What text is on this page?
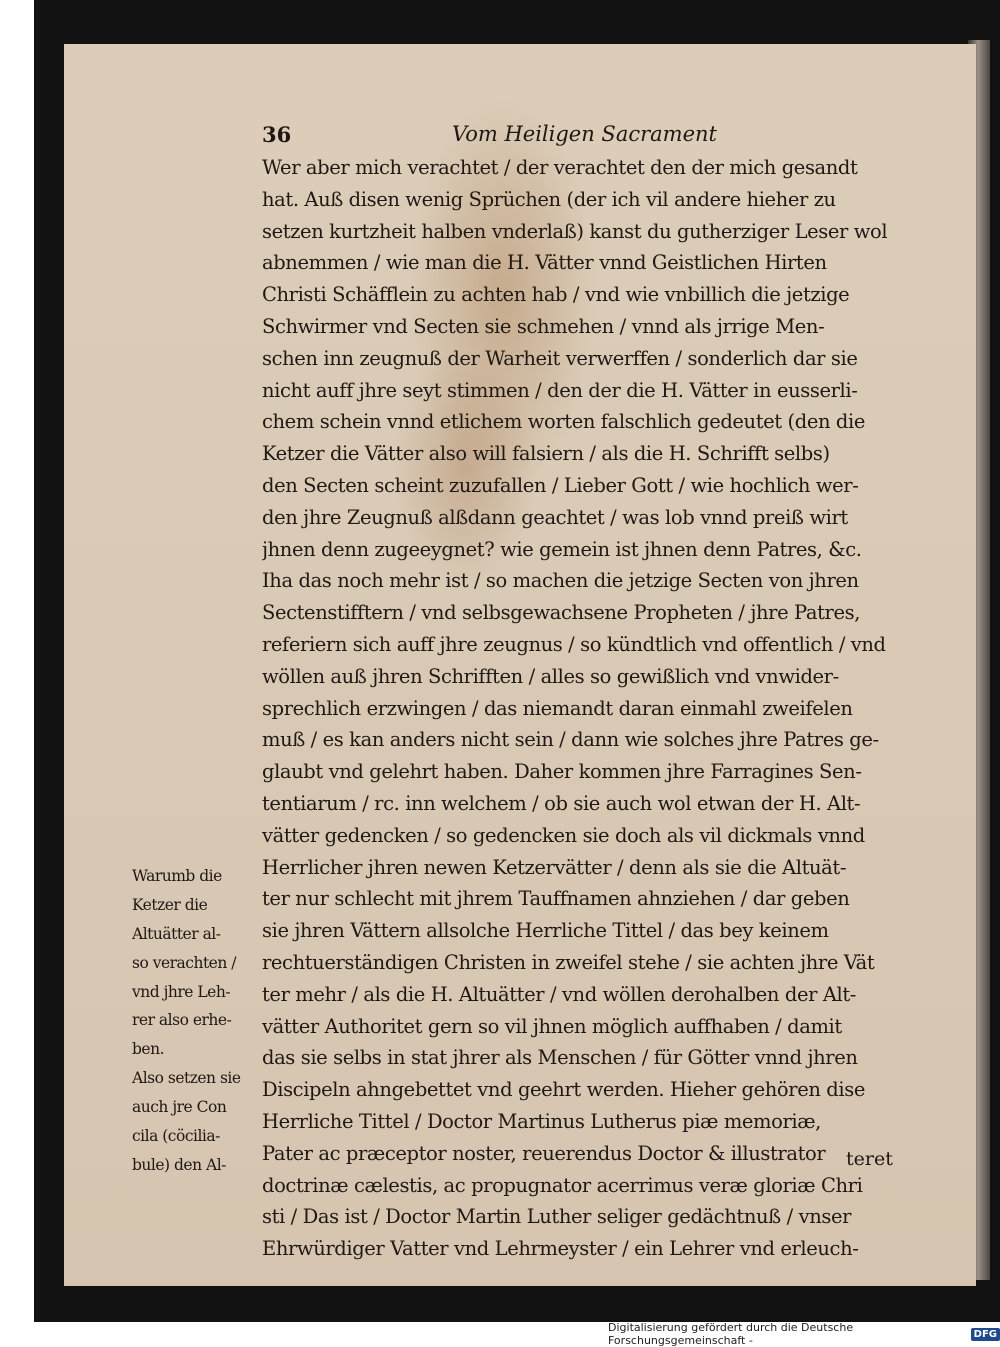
36	Vom Heiligen Sacrament
Wer aber mich verachtet / der verachtet den der mich gesandt
hat. Auß disen wenig Sprüchen (der ich vil andere hieher zu
setzen kurtzheit halben vnderlaß) kanst du gutherziger Leser wol
abnemmen / wie man die H. Vätter vnnd Geistlichen Hirten
Christi Schäfflein zu achten hab / vnd wie vnbillich die jetzige
Schwirmer vnd Secten sie schmehen / vnnd als jrrige Men-
schen inn zeugnuß der Warheit verwerffen / sonderlich dar sie
nicht auff jhre seyt stimmen / den der die H. Vätter in eusserli-
chem schein vnnd etlichem worten falschlich gedeutet (den die
Ketzer die Vätter also will falsiern / als die H. Schrifft selbs)
den Secten scheint zuzufallen / Lieber Gott / wie hochlich wer-
den jhre Zeugnuß alßdann geachtet / was lob vnnd preiß wirt
jhnen denn zugeeygnet? wie gemein ist jhnen denn Patres, &c.
Iha das noch mehr ist / so machen die jetzige Secten von jhren
Sectenstifftern / vnd selbsgewachsene Propheten / jhre Patres,
referiern sich auff jhre zeugnus / so kündtlich vnd offentlich / vnd
wöllen auß jhren Schrifften / alles so gewißlich vnd vnwider-
sprechlich erzwingen / das niemandt daran einmahl zweifelen
muß / es kan anders nicht sein / dann wie solches jhre Patres ge-
glaubt vnd gelehrt haben. Daher kommen jhre Farragines Sen-
tentiarum / rc. inn welchem / ob sie auch wol etwan der H. Alt-
vätter gedencken / so gedencken sie doch als vil dickmals vnnd
Herrlicher jhren newen Ketzervätter / denn als sie die Altuät-
ter nur schlecht mit jhrem Tauffnamen ahnziehen / dar geben
sie jhren Vättern allsolche Herrliche Tittel / das bey keinem
rechtuerständigen Christen in zweifel stehe / sie achten jhre Vät
ter mehr / als die H. Altuätter / vnd wöllen derohalben der Alt-
vätter Authoritet gern so vil jhnen möglich auffhaben / damit
das sie selbs in stat jhrer als Menschen / für Götter vnnd jhren
Discipeln ahngebettet vnd geehrt werden. Hieher gehören dise
Herrliche Tittel / Doctor Martinus Lutherus piæ memoriæ,
Pater ac præceptor noster, reuerendus Doctor & illustrator
doctrinæ cælestis, ac propugnator acerrimus veræ gloriæ Chri
sti / Das ist / Doctor Martin Luther seliger gedächtnuß / vnser
Ehrwürdiger Vatter vnd Lehrmeyster / ein Lehrer vnd erleuch-
Warumb die
Ketzer die
Altuätter al-
so verachten /
vnd jhre Leh-
rer also erhe-
ben.
Also setzen sie
auch jre Con
cila (cöcilia-
bule) den Al-	teret
Digitalisierung gefördert durch die Deutsche Forschungsgemeinschaft -	DFG
